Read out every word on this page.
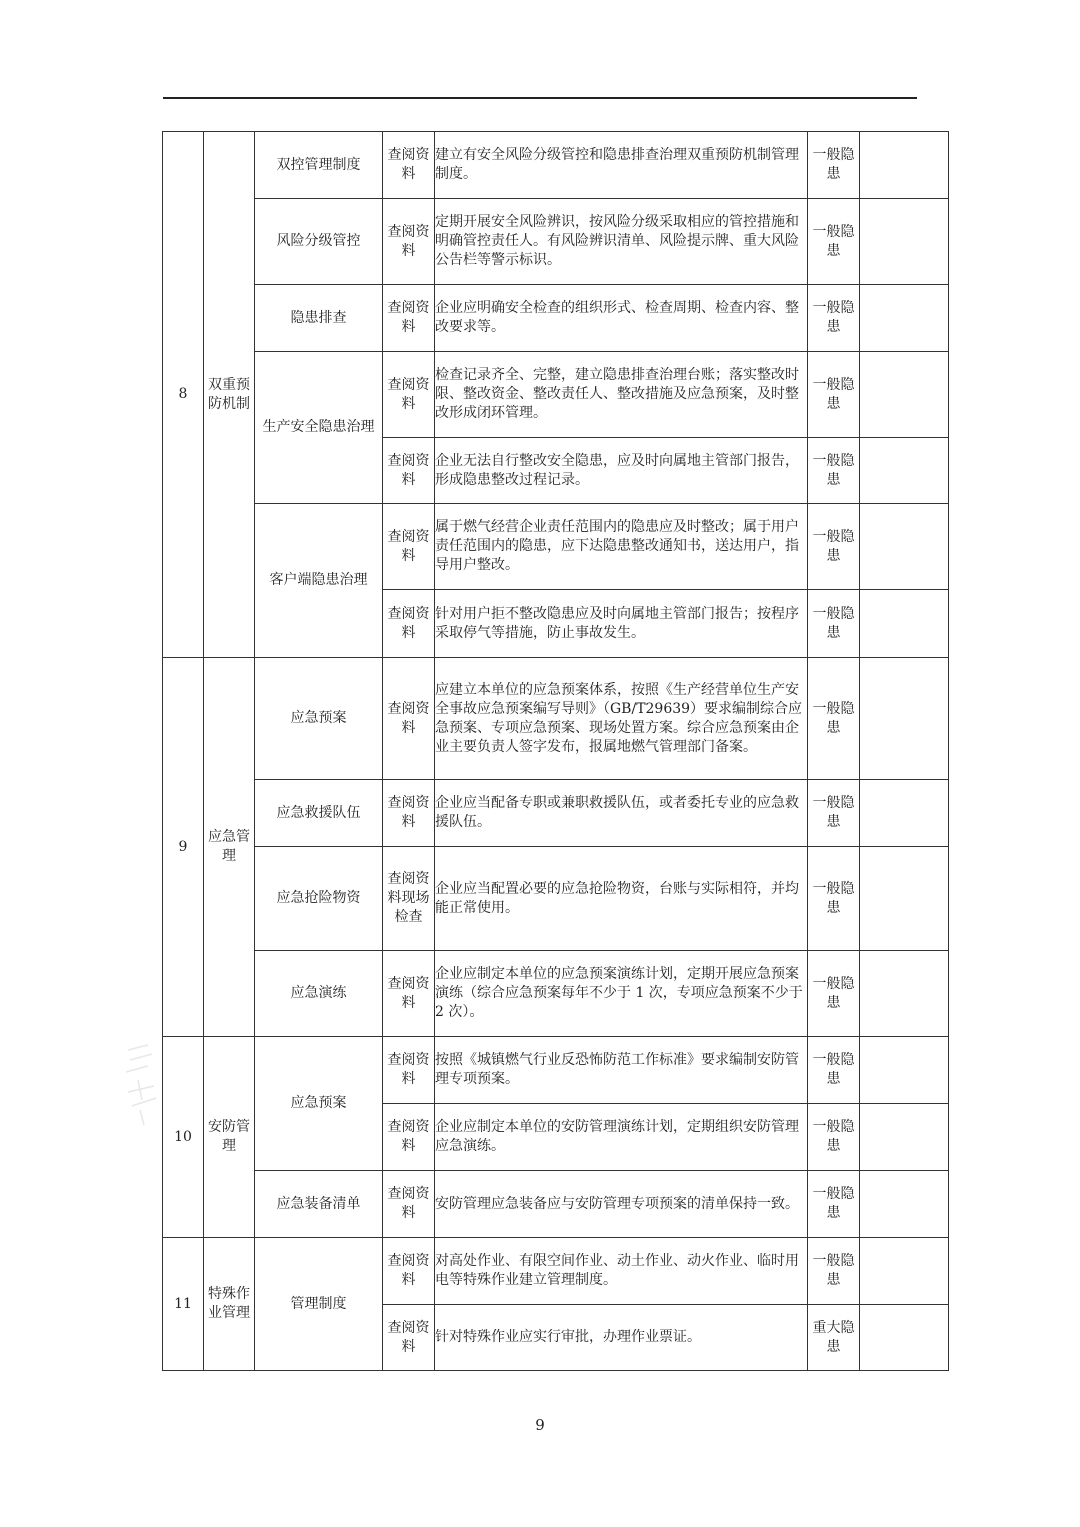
8	双重预防机制	双控管理制度	查阅资料	建立有安全风险分级管控和隐患排查治理双重预防机制管理制度。	一般隐患	
		风险分级管控	查阅资料	定期开展安全风险辨识，按风险分级采取相应的管控措施和明确管控责任人。有风险辨识清单、风险提示牌、重大风险公告栏等警示标识。	一般隐患	
		隐患排查	查阅资料	企业应明确安全检查的组织形式、检查周期、检查内容、整改要求等。	一般隐患	
		生产安全隐患治理	查阅资料	检查记录齐全、完整，建立隐患排查治理台账；落实整改时限、整改资金、整改责任人、整改措施及应急预案，及时整改形成闭环管理。	一般隐患	
			查阅资料	企业无法自行整改安全隐患，应及时向属地主管部门报告，形成隐患整改过程记录。	一般隐患	
		客户端隐患治理	查阅资料	属于燃气经营企业责任范围内的隐患应及时整改；属于用户责任范围内的隐患，应下达隐患整改通知书，送达用户，指导用户整改。	一般隐患	
			查阅资料	针对用户拒不整改隐患应及时向属地主管部门报告；按程序采取停气等措施，防止事故发生。	一般隐患	

9	应急管理	应急预案	查阅资料	应建立本单位的应急预案体系，按照《生产经营单位生产安全事故应急预案编写导则》（GB/T29639）要求编制综合应急预案、专项应急预案、现场处置方案。综合应急预案由企业主要负责人签字发布，报属地燃气管理部门备案。	一般隐患	
		应急救援队伍	查阅资料	企业应当配备专职或兼职救援队伍，或者委托专业的应急救援队伍。	一般隐患	
		应急抢险物资	查阅资料现场检查	企业应当配置必要的应急抢险物资，台账与实际相符，并均能正常使用。	一般隐患	
		应急演练	查阅资料	企业应制定本单位的应急预案演练计划，定期开展应急预案演练（综合应急预案每年不少于 1 次，专项应急预案不少于 2 次）。	一般隐患	
10	安防管理	应急预案	查阅资料	按照《城镇燃气行业反恐怖防范工作标准》要求编制安防管理专项预案。	一般隐患	
			查阅资料	企业应制定本单位的安防管理演练计划，定期组织安防管理应急演练。	一般隐患	
		应急装备清单	查阅资料	安防管理应急装备应与安防管理专项预案的清单保持一致。	一般隐患	
11	特殊作业管理	管理制度	查阅资料	对高处作业、有限空间作业、动土作业、动火作业、临时用电等特殊作业建立管理制度。	一般隐患	
			查阅资料	针对特殊作业应实行审批，办理作业票证。	重大隐患	
9
